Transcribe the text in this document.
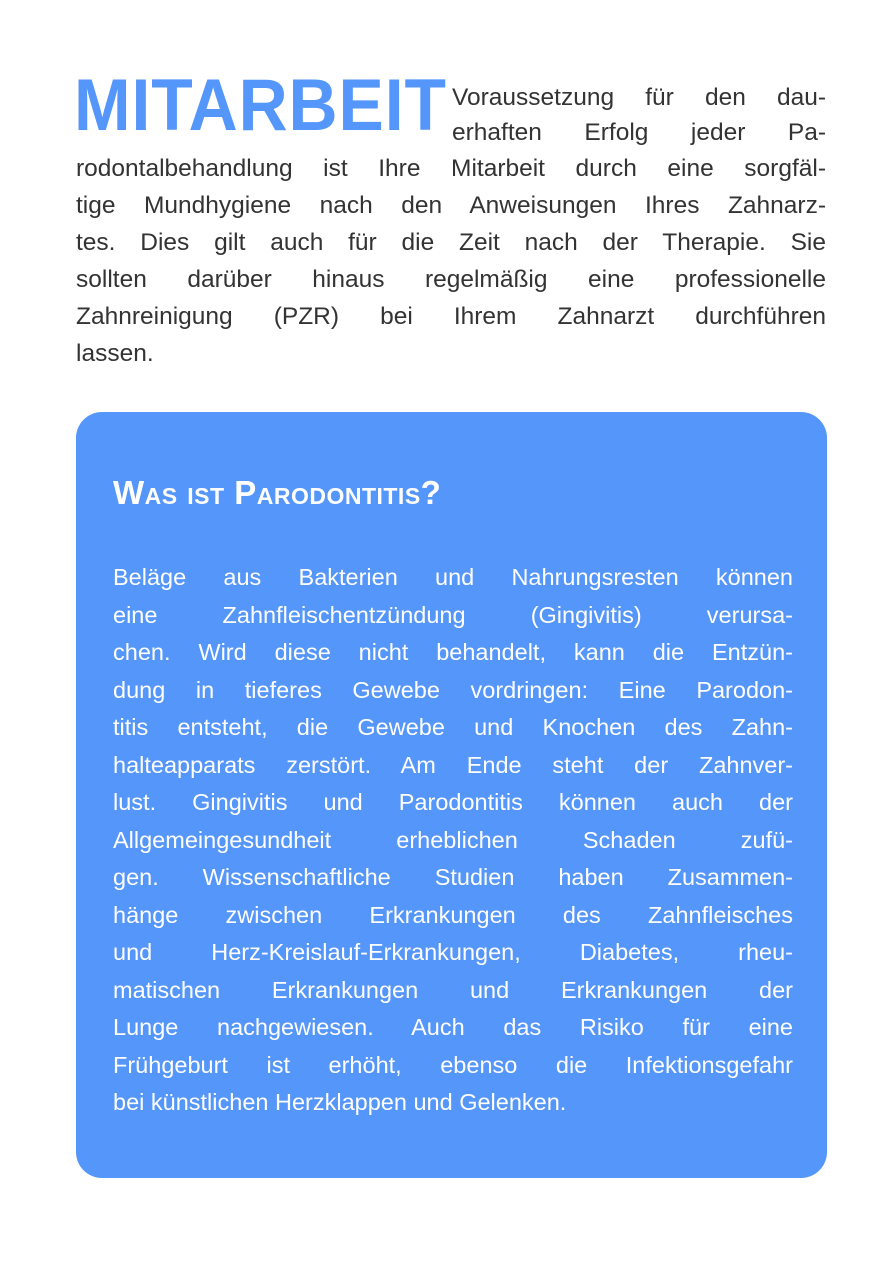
MITARBEIT Voraussetzung für den dau-
erhaften Erfolg jeder Pa-
rodontalbehandlung ist Ihre Mitarbeit durch eine sorgfäl-
tige Mundhygiene nach den Anweisungen Ihres Zahnarz-
tes. Dies gilt auch für die Zeit nach der Therapie. Sie
sollten darüber hinaus regelmäßig eine professionelle
Zahnreinigung (PZR) bei Ihrem Zahnarzt durchführen
lassen.
Was ist Parodontitis?
Beläge aus Bakterien und Nahrungsresten können
eine Zahnfleischentzündung (Gingivitis) verursa-
chen. Wird diese nicht behandelt, kann die Entzün-
dung in tieferes Gewebe vordringen: Eine Parodon-
titis entsteht, die Gewebe und Knochen des Zahn-
halteapparats zerstört. Am Ende steht der Zahnver-
lust. Gingivitis und Parodontitis können auch der
Allgemeingesundheit erheblichen Schaden zufü-
gen. Wissenschaftliche Studien haben Zusammen-
hänge zwischen Erkrankungen des Zahnfleisches
und Herz-Kreislauf-Erkrankungen, Diabetes, rheu-
matischen Erkrankungen und Erkrankungen der
Lunge nachgewiesen. Auch das Risiko für eine
Frühgeburt ist erhöht, ebenso die Infektionsgefahr
bei künstlichen Herzklappen und Gelenken.
